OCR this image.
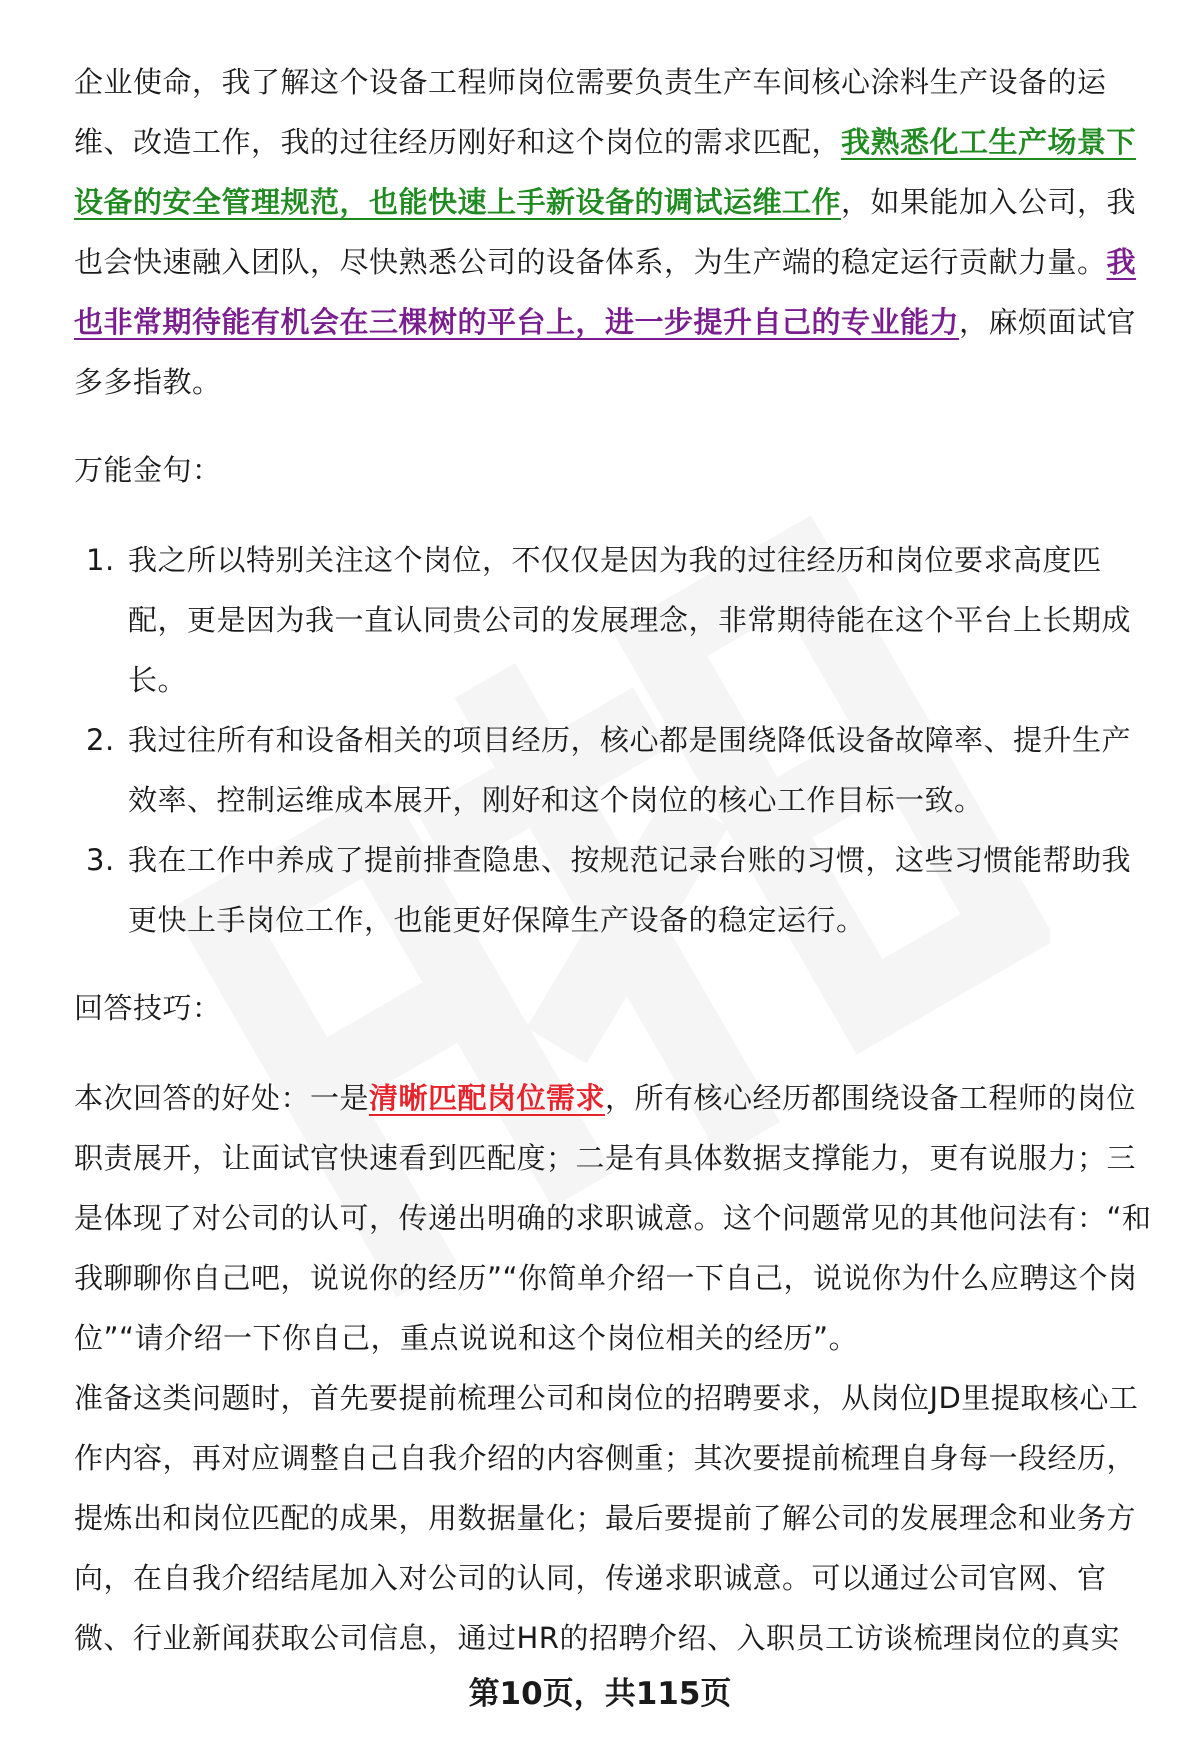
企业使命，我了解这个设备工程师岗位需要负责生产车间核心涂料生产设备的运维、改造工作，我的过往经历刚好和这个岗位的需求匹配，我熟悉化工生产场景下设备的安全管理规范，也能快速上手新设备的调试运维工作，如果能加入公司，我也会快速融入团队，尽快熟悉公司的设备体系，为生产端的稳定运行贡献力量。我也非常期待能有机会在三棵树的平台上，进一步提升自己的专业能力，麻烦面试官多多指教。

万能金句：

1. 我之所以特别关注这个岗位，不仅仅是因为我的过往经历和岗位要求高度匹配，更是因为我一直认同贵公司的发展理念，非常期待能在这个平台上长期成长。
2. 我过往所有和设备相关的项目经历，核心都是围绕降低设备故障率、提升生产效率、控制运维成本展开，刚好和这个岗位的核心工作目标一致。
3. 我在工作中养成了提前排查隐患、按规范记录台账的习惯，这些习惯能帮助我更快上手岗位工作，也能更好保障生产设备的稳定运行。

回答技巧：

本次回答的好处：一是清晰匹配岗位需求，所有核心经历都围绕设备工程师的岗位职责展开，让面试官快速看到匹配度；二是有具体数据支撑能力，更有说服力；三是体现了对公司的认可，传递出明确的求职诚意。这个问题常见的其他问法有：“和我聊聊你自己吧，说说你的经历”“你简单介绍一下自己，说说你为什么应聘这个岗位”“请介绍一下你自己，重点说说和这个岗位相关的经历”。

准备这类问题时，首先要提前梳理公司和岗位的招聘要求，从岗位JD里提取核心工作内容，再对应调整自己自我介绍的内容侧重；其次要提前梳理自身每一段经历，提炼出和岗位匹配的成果，用数据量化；最后要提前了解公司的发展理念和业务方向，在自我介绍结尾加入对公司的认同，传递求职诚意。可以通过公司官网、官微、行业新闻获取公司信息，通过HR的招聘介绍、入职员工访谈梳理岗位的真实

第10页，共115页
